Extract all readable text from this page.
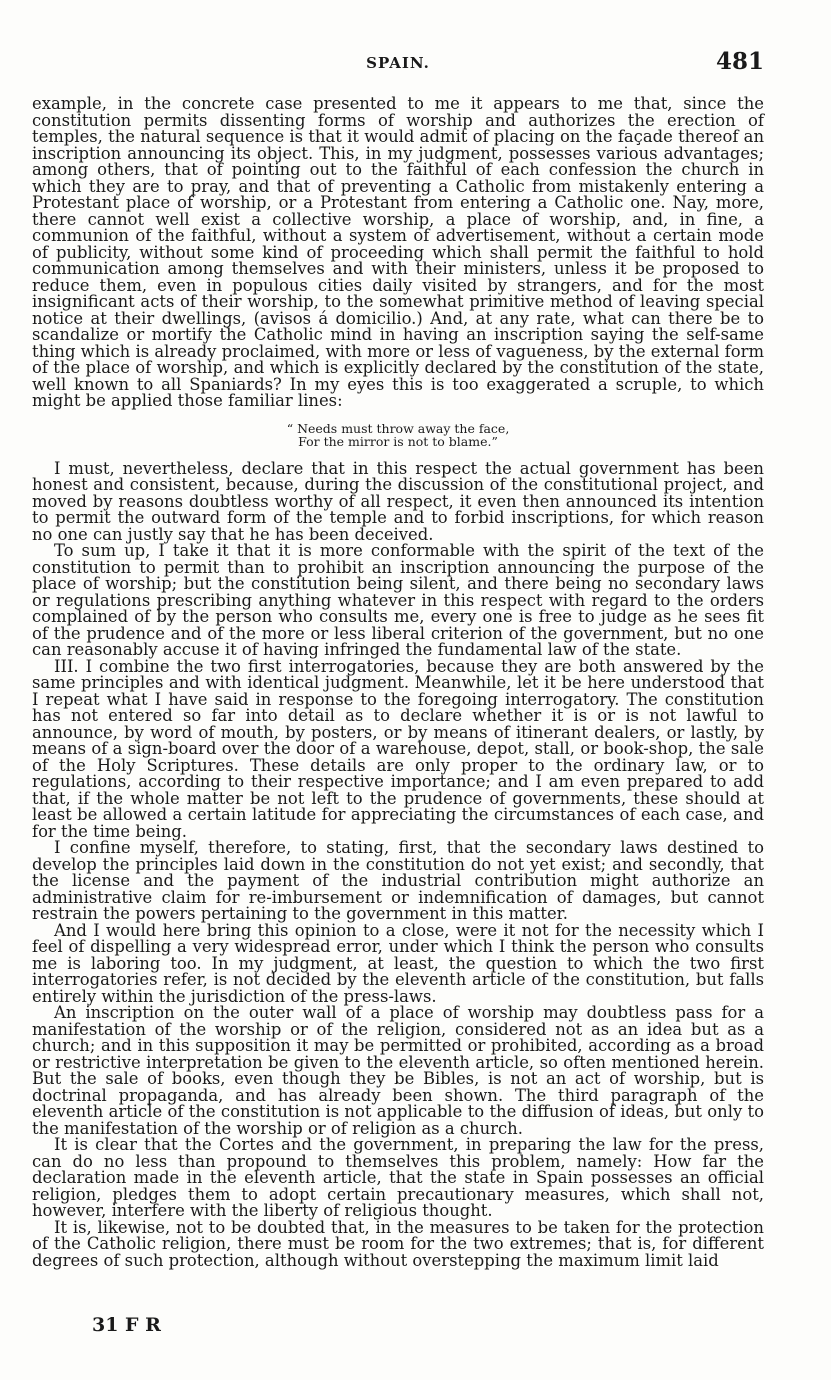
SPAIN.	481

example, in the concrete case presented to me it appears to me that, since the constitution permits dissenting forms of worship and authorizes the erection of temples, the natural sequence is that it would admit of placing on the façade thereof an inscription announcing its object. This, in my judgment, possesses various advantages; among others, that of pointing out to the faithful of each confession the church in which they are to pray, and that of preventing a Catholic from mistakenly entering a Protestant place of worship, or a Protestant from entering a Catholic one. Nay, more, there cannot well exist a collective worship, a place of worship, and, in fine, a communion of the faithful, without a system of advertisement, without a certain mode of publicity, without some kind of proceeding which shall permit the faithful to hold communication among themselves and with their ministers, unless it be proposed to reduce them, even in populous cities daily visited by strangers, and for the most insignificant acts of their worship, to the somewhat primitive method of leaving special notice at their dwellings, (avisos á domicilio.) And, at any rate, what can there be to scandalize or mortify the Catholic mind in having an inscription saying the self-same thing which is already proclaimed, with more or less of vagueness, by the external form of the place of worship, and which is explicitly declared by the constitution of the state, well known to all Spaniards? In my eyes this is too exaggerated a scruple, to which might be applied those familiar lines:

“ Needs must throw away the face,
For the mirror is not to blame.”

I must, nevertheless, declare that in this respect the actual government has been honest and consistent, because, during the discussion of the constitutional project, and moved by reasons doubtless worthy of all respect, it even then announced its intention to permit the outward form of the temple and to forbid inscriptions, for which reason no one can justly say that he has been deceived.

To sum up, I take it that it is more conformable with the spirit of the text of the constitution to permit than to prohibit an inscription announcing the purpose of the place of worship; but the constitution being silent, and there being no secondary laws or regulations prescribing anything whatever in this respect with regard to the orders complained of by the person who consults me, every one is free to judge as he sees fit of the prudence and of the more or less liberal criterion of the government, but no one can reasonably accuse it of having infringed the fundamental law of the state.

III. I combine the two first interrogatories, because they are both answered by the same principles and with identical judgment. Meanwhile, let it be here understood that I repeat what I have said in response to the foregoing interrogatory. The constitution has not entered so far into detail as to declare whether it is or is not lawful to announce, by word of mouth, by posters, or by means of itinerant dealers, or lastly, by means of a sign-board over the door of a warehouse, depot, stall, or book-shop, the sale of the Holy Scriptures. These details are only proper to the ordinary law, or to regulations, according to their respective importance; and I am even prepared to add that, if the whole matter be not left to the prudence of governments, these should at least be allowed a certain latitude for appreciating the circumstances of each case, and for the time being.

I confine myself, therefore, to stating, first, that the secondary laws destined to develop the principles laid down in the constitution do not yet exist; and secondly, that the license and the payment of the industrial contribution might authorize an administrative claim for re-imbursement or indemnification of damages, but cannot restrain the powers pertaining to the government in this matter.

And I would here bring this opinion to a close, were it not for the necessity which I feel of dispelling a very widespread error, under which I think the person who consults me is laboring too. In my judgment, at least, the question to which the two first interrogatories refer, is not decided by the eleventh article of the constitution, but falls entirely within the jurisdiction of the press-laws.

An inscription on the outer wall of a place of worship may doubtless pass for a manifestation of the worship or of the religion, considered not as an idea but as a church; and in this supposition it may be permitted or prohibited, according as a broad or restrictive interpretation be given to the eleventh article, so often mentioned herein. But the sale of books, even though they be Bibles, is not an act of worship, but is doctrinal propaganda, and has already been shown. The third paragraph of the eleventh article of the constitution is not applicable to the diffusion of ideas, but only to the manifestation of the worship or of religion as a church.

It is clear that the Cortes and the government, in preparing the law for the press, can do no less than propound to themselves this problem, namely: How far the declaration made in the eleventh article, that the state in Spain possesses an official religion, pledges them to adopt certain precautionary measures, which shall not, however, interfere with the liberty of religious thought.

It is, likewise, not to be doubted that, in the measures to be taken for the protection of the Catholic religion, there must be room for the two extremes; that is, for different degrees of such protection, although without overstepping the maximum limit laid

31 F R
